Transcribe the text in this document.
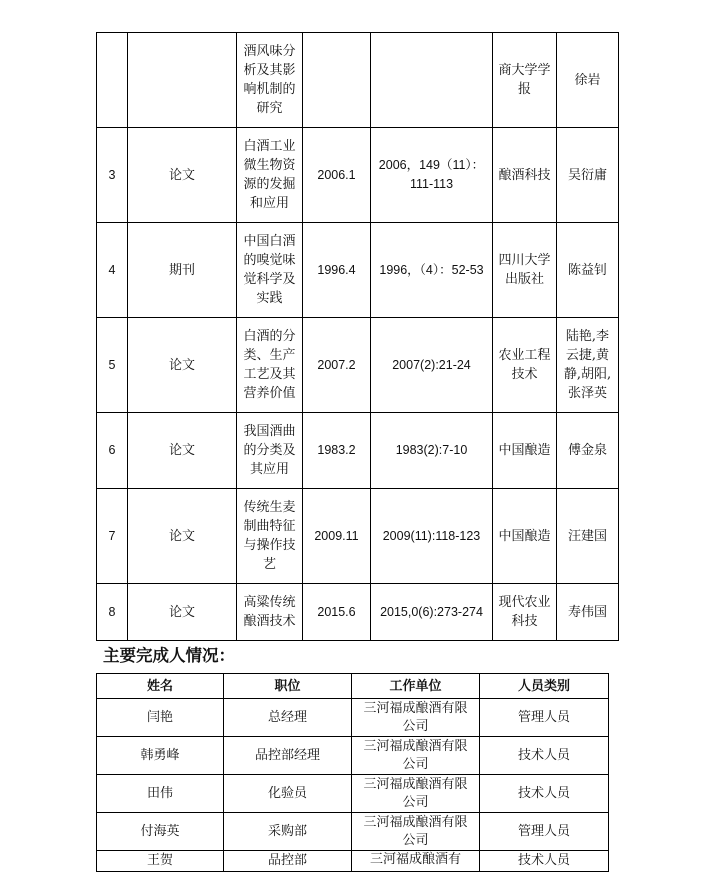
		酒风味分析及其影响机制的研究			商大学学报	徐岩

3	论文	白酒工业微生物资源的发掘和应用	2006.1	2006，149（11）：111-113	酿酒科技	吴衍庸
4	期刊	中国白酒的嗅觉味觉科学及实践	1996.4	1996，（4）：52-53	四川大学出版社	陈益钊
5	论文	白酒的分类、生产工艺及其营养价值	2007.2	2007(2):21-24	农业工程技术	陆艳,李云捷,黄静,胡阳,张泽英

6	论文	我国酒曲的分类及其应用	1983.2	1983(2):7-10	中国酿造	傅金泉
7	论文	传统生麦制曲特征与操作技艺	2009.11	2009(11):118-123	中国酿造	汪建国
8	论文	高粱传统酿酒技术	2015.6	2015,0(6):273-274	现代农业科技	寿伟国
主要完成人情况：
姓名	职位	工作单位	人员类别
闫艳	总经理	三河福成酿酒有限公司	管理人员
韩勇峰	品控部经理	三河福成酿酒有限公司	技术人员
田伟	化验员	三河福成酿酒有限公司	技术人员
付海英	采购部	三河福成酿酒有限公司	管理人员
王贺	品控部	三河福成酿酒有	技术人员
